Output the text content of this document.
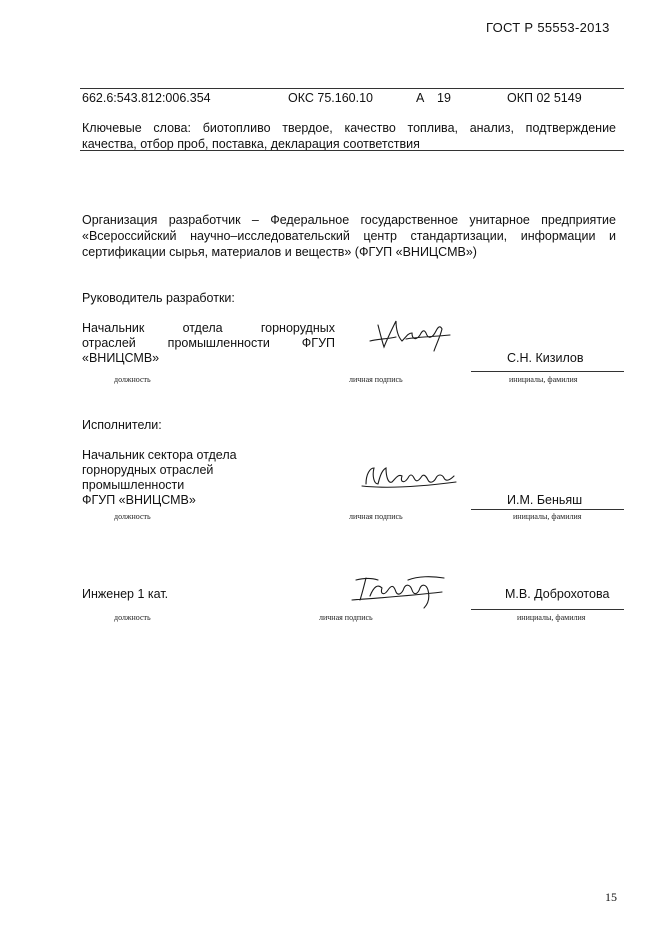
ГОСТ Р 55553-2013
662.6:543.812:006.354	ОКС 75.160.10	А 19	ОКП 02 5149
Ключевые слова: биотопливо твердое, качество топлива, анализ, подтверждение
качества, отбор проб, поставка, декларация соответствия
Организация разработчик – Федеральное государственное унитарное предприятие
«Всероссийский научно–исследовательский центр стандартизации, информации и
сертификации сырья, материалов и веществ» (ФГУП «ВНИЦСМВ»)
Руководитель разработки:
Начальник отдела горнорудных
отраслей промышленности ФГУП
«ВНИЦСМВ»	С.Н. Кизилов
должность	личная подпись	инициалы, фамилия
Исполнители:
Начальник сектора отдела
горнорудных отраслей
промышленности
ФГУП «ВНИЦСМВ»	И.М. Беньяш
должность	личная подпись	инициалы, фамилия
Инженер 1 кат.	М.В. Доброхотова
должность	личная подпись	инициалы, фамилия
15
